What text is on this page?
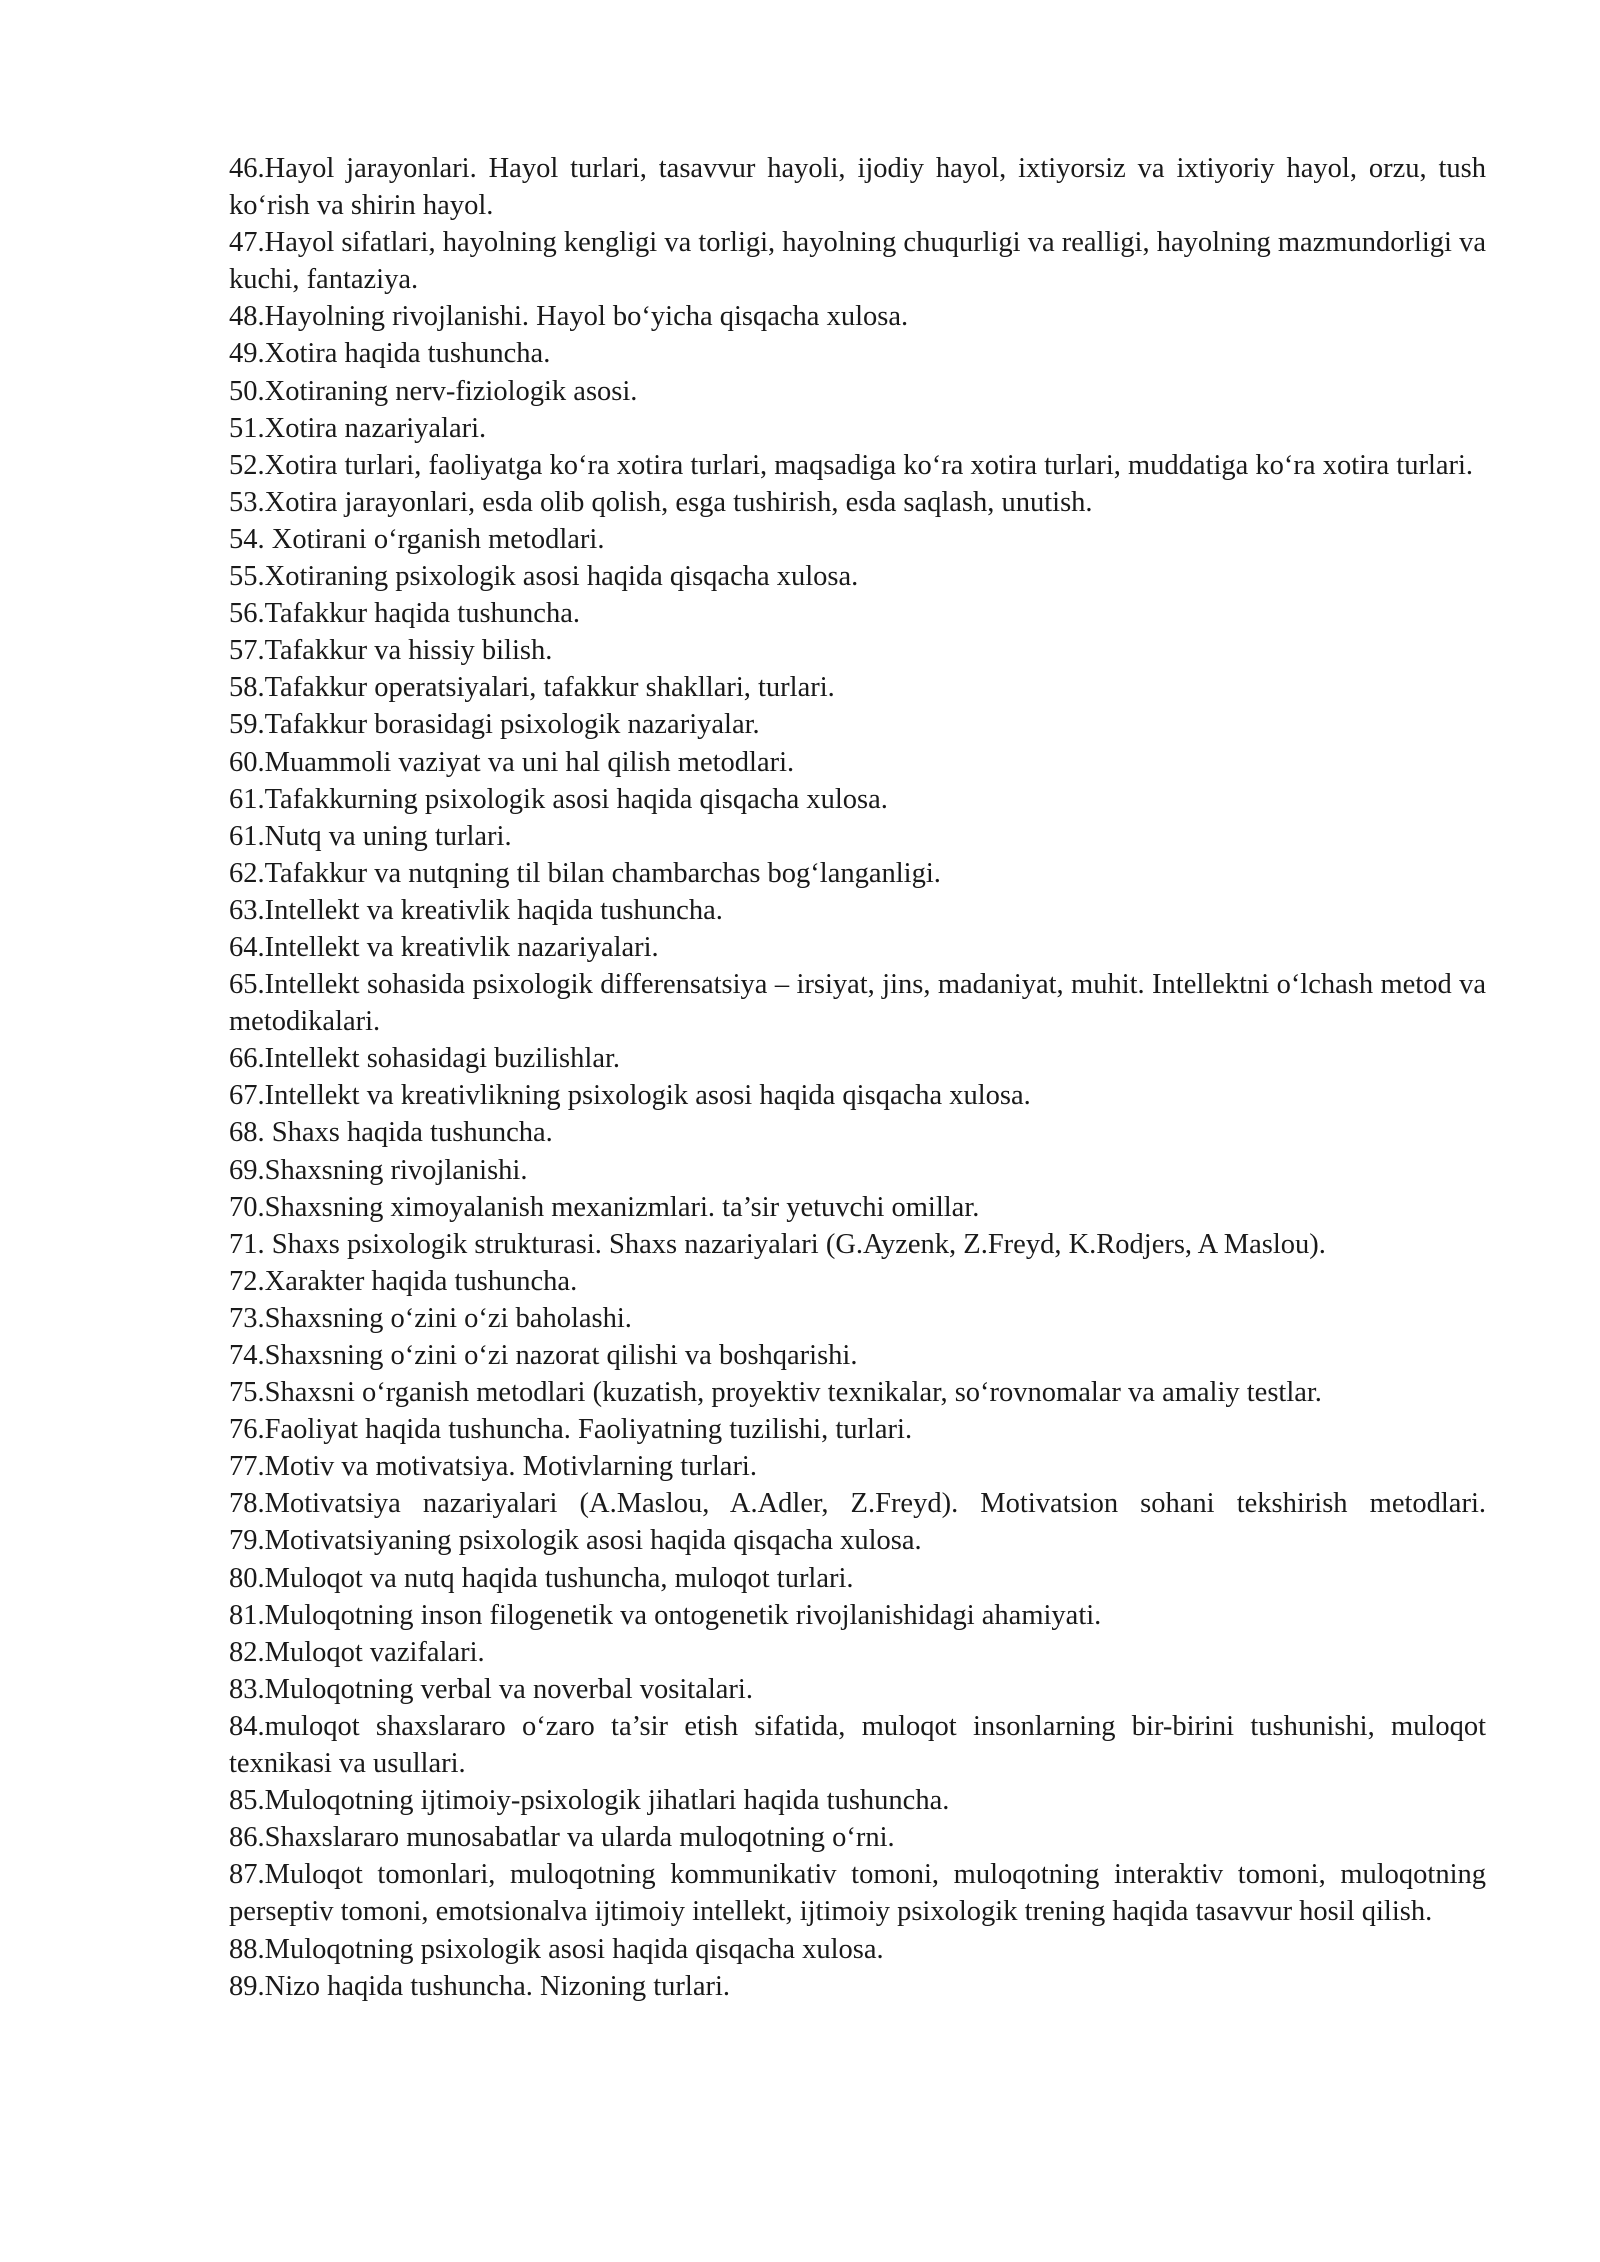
46.Hayol jarayonlari. Hayol turlari, tasavvur hayoli, ijodiy hayol, ixtiyorsiz va ixtiyoriy hayol, orzu, tush ko‘rish va shirin hayol.

47.Hayol sifatlari, hayolning kengligi va torligi, hayolning chuqurligi va realligi, hayolning mazmundorligi va kuchi, fantaziya.

48.Hayolning rivojlanishi. Hayol bo‘yicha qisqacha xulosa.

49.Xotira haqida tushuncha.

50.Xotiraning nerv-fiziologik asosi.

51.Xotira nazariyalari.

52.Xotira turlari, faoliyatga ko‘ra xotira turlari, maqsadiga ko‘ra xotira turlari, muddatiga ko‘ra xotira turlari.

53.Xotira jarayonlari, esda olib qolish, esga tushirish, esda saqlash, unutish.

54. Xotirani o‘rganish metodlari.

55.Xotiraning psixologik asosi haqida qisqacha xulosa.

56.Tafakkur haqida tushuncha.

57.Tafakkur va hissiy bilish.

58.Tafakkur operatsiyalari, tafakkur shakllari, turlari.

59.Tafakkur borasidagi psixologik nazariyalar.

60.Muammoli vaziyat va uni hal qilish metodlari.

61.Tafakkurning psixologik asosi haqida qisqacha xulosa.

61.Nutq va uning turlari.

62.Tafakkur va nutqning til bilan chambarchas bog‘langanligi.

63.Intellekt va kreativlik haqida tushuncha.

64.Intellekt va kreativlik nazariyalari.

65.Intellekt sohasida psixologik differensatsiya – irsiyat, jins, madaniyat, muhit. Intellektni o‘lchash metod va metodikalari.

66.Intellekt sohasidagi buzilishlar.

67.Intellekt va kreativlikning psixologik asosi haqida qisqacha xulosa.

68. Shaxs haqida tushuncha.

69.Shaxsning rivojlanishi.

70.Shaxsning ximoyalanish mexanizmlari. ta’sir yetuvchi omillar.

71. Shaxs psixologik strukturasi. Shaxs nazariyalari (G.Ayzenk, Z.Freyd, K.Rodjers, A Maslou).

72.Xarakter haqida tushuncha.

73.Shaxsning o‘zini o‘zi baholashi.

74.Shaxsning o‘zini o‘zi nazorat qilishi va boshqarishi.

75.Shaxsni o‘rganish metodlari (kuzatish, proyektiv texnikalar, so‘rovnomalar va amaliy testlar.

76.Faoliyat haqida tushuncha. Faoliyatning tuzilishi, turlari.

77.Motiv va motivatsiya. Motivlarning turlari.

78.Motivatsiya nazariyalari (A.Maslou, A.Adler, Z.Freyd). Motivatsion sohani tekshirish metodlari. 79.Motivatsiyaning psixologik asosi haqida qisqacha xulosa.

80.Muloqot va nutq haqida tushuncha, muloqot turlari.

81.Muloqotning inson filogenetik va ontogenetik rivojlanishidagi ahamiyati.

82.Muloqot vazifalari.

83.Muloqotning verbal va noverbal vositalari.

84.muloqot shaxslararo o‘zaro ta’sir etish sifatida, muloqot insonlarning bir-birini tushunishi, muloqot texnikasi va usullari.

85.Muloqotning ijtimoiy-psixologik jihatlari haqida tushuncha.

86.Shaxslararo munosabatlar va ularda muloqotning o‘rni.

87.Muloqot tomonlari, muloqotning kommunikativ tomoni, muloqotning interaktiv tomoni, muloqotning perseptiv tomoni, emotsionalva ijtimoiy intellekt, ijtimoiy psixologik trening haqida tasavvur hosil qilish.

88.Muloqotning psixologik asosi haqida qisqacha xulosa.

89.Nizo haqida tushuncha. Nizoning turlari.
